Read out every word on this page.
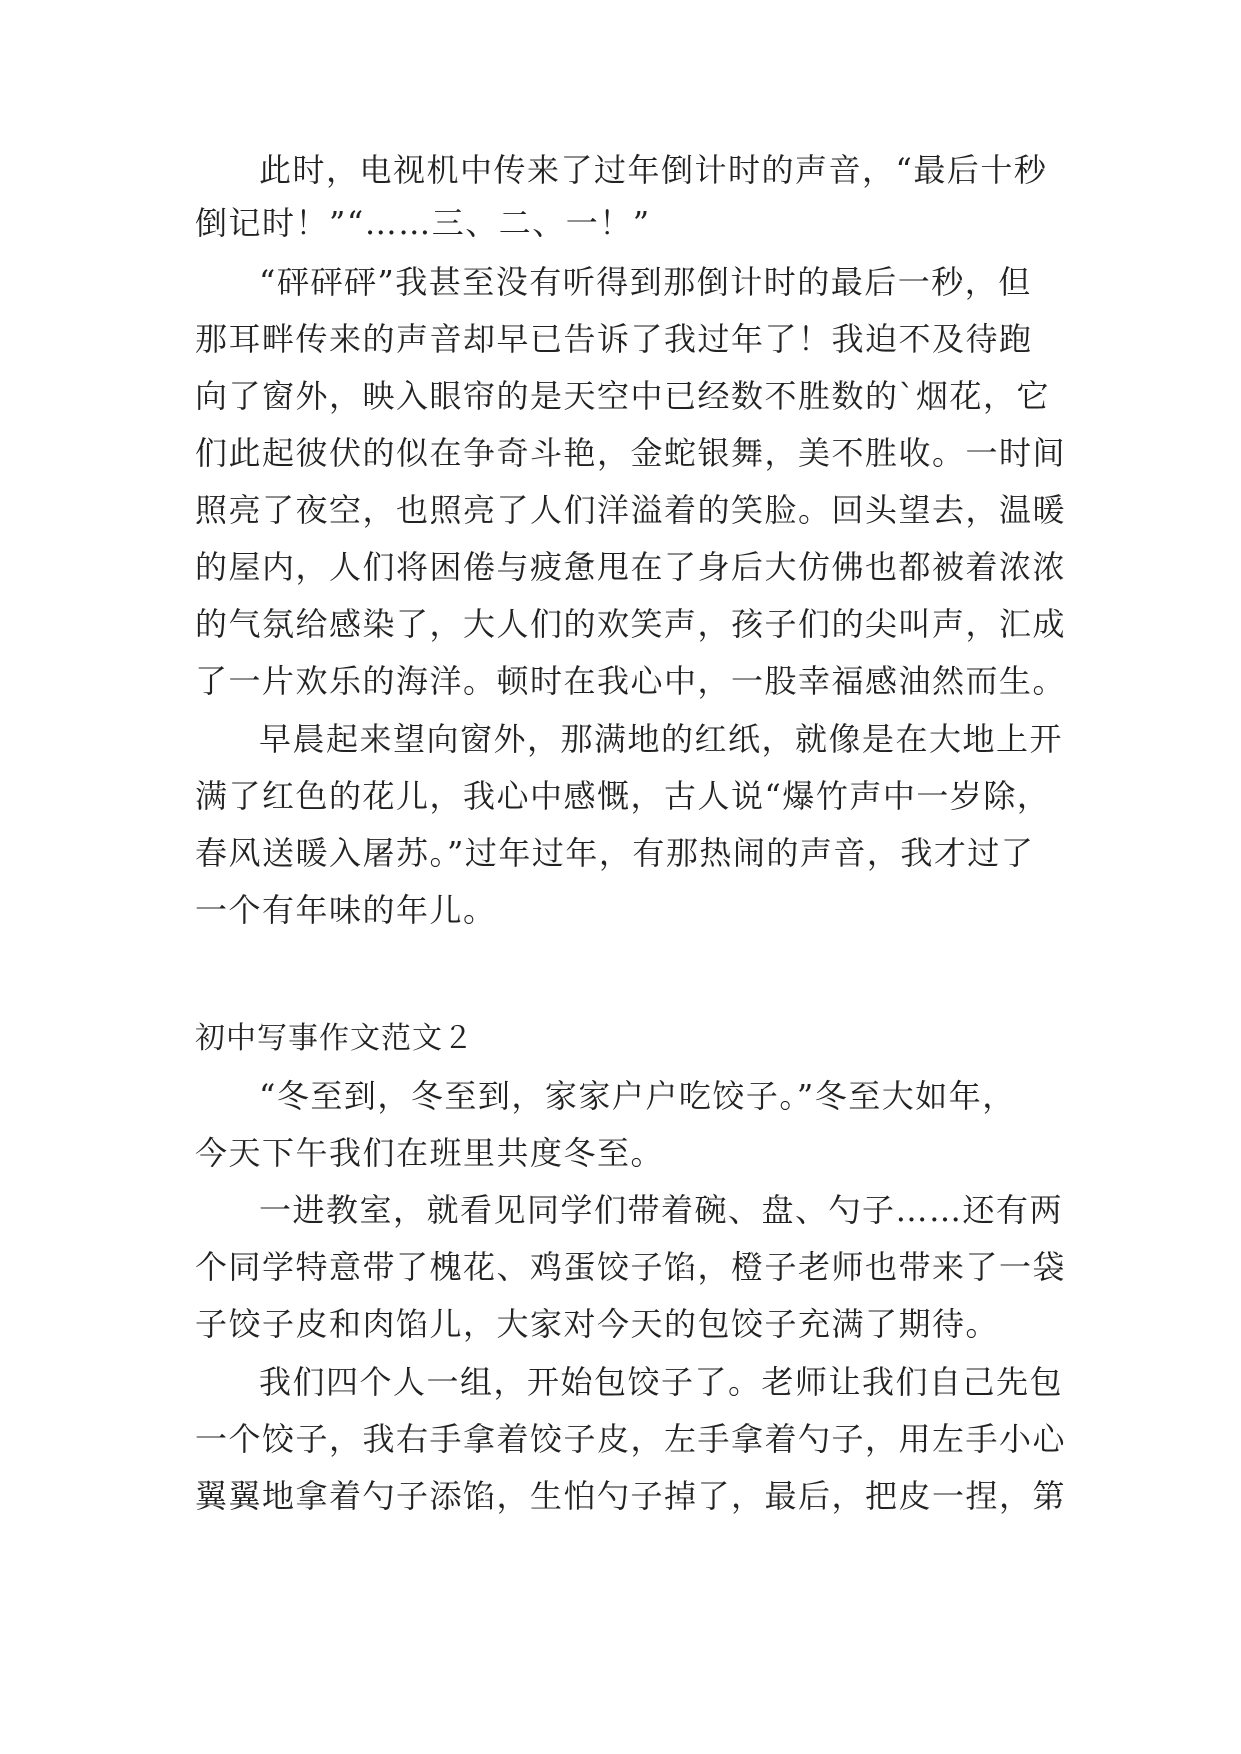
此时，电视机中传来了过年倒计时的声音，“最后十秒
倒记时！”“……三、二、一！”
“砰砰砰”我甚至没有听得到那倒计时的最后一秒，但
那耳畔传来的声音却早已告诉了我过年了！我迫不及待跑
向了窗外，映入眼帘的是天空中已经数不胜数的`烟花，它
们此起彼伏的似在争奇斗艳，金蛇银舞，美不胜收。一时间
照亮了夜空，也照亮了人们洋溢着的笑脸。回头望去，温暖
的屋内，人们将困倦与疲惫甩在了身后大仿佛也都被着浓浓
的气氛给感染了，大人们的欢笑声，孩子们的尖叫声，汇成
了一片欢乐的海洋。顿时在我心中，一股幸福感油然而生。
早晨起来望向窗外，那满地的红纸，就像是在大地上开
满了红色的花儿，我心中感慨，古人说“爆竹声中一岁除，
春风送暖入屠苏。”过年过年，有那热闹的声音，我才过了
一个有年味的年儿。
初中写事作文范文２
“冬至到，冬至到，家家户户吃饺子。”冬至大如年，
今天下午我们在班里共度冬至。
一进教室，就看见同学们带着碗、盘、勺子……还有两
个同学特意带了槐花、鸡蛋饺子馅，橙子老师也带来了一袋
子饺子皮和肉馅儿，大家对今天的包饺子充满了期待。
我们四个人一组，开始包饺子了。老师让我们自己先包
一个饺子，我右手拿着饺子皮，左手拿着勺子，用左手小心
翼翼地拿着勺子添馅，生怕勺子掉了，最后，把皮一捏，第
